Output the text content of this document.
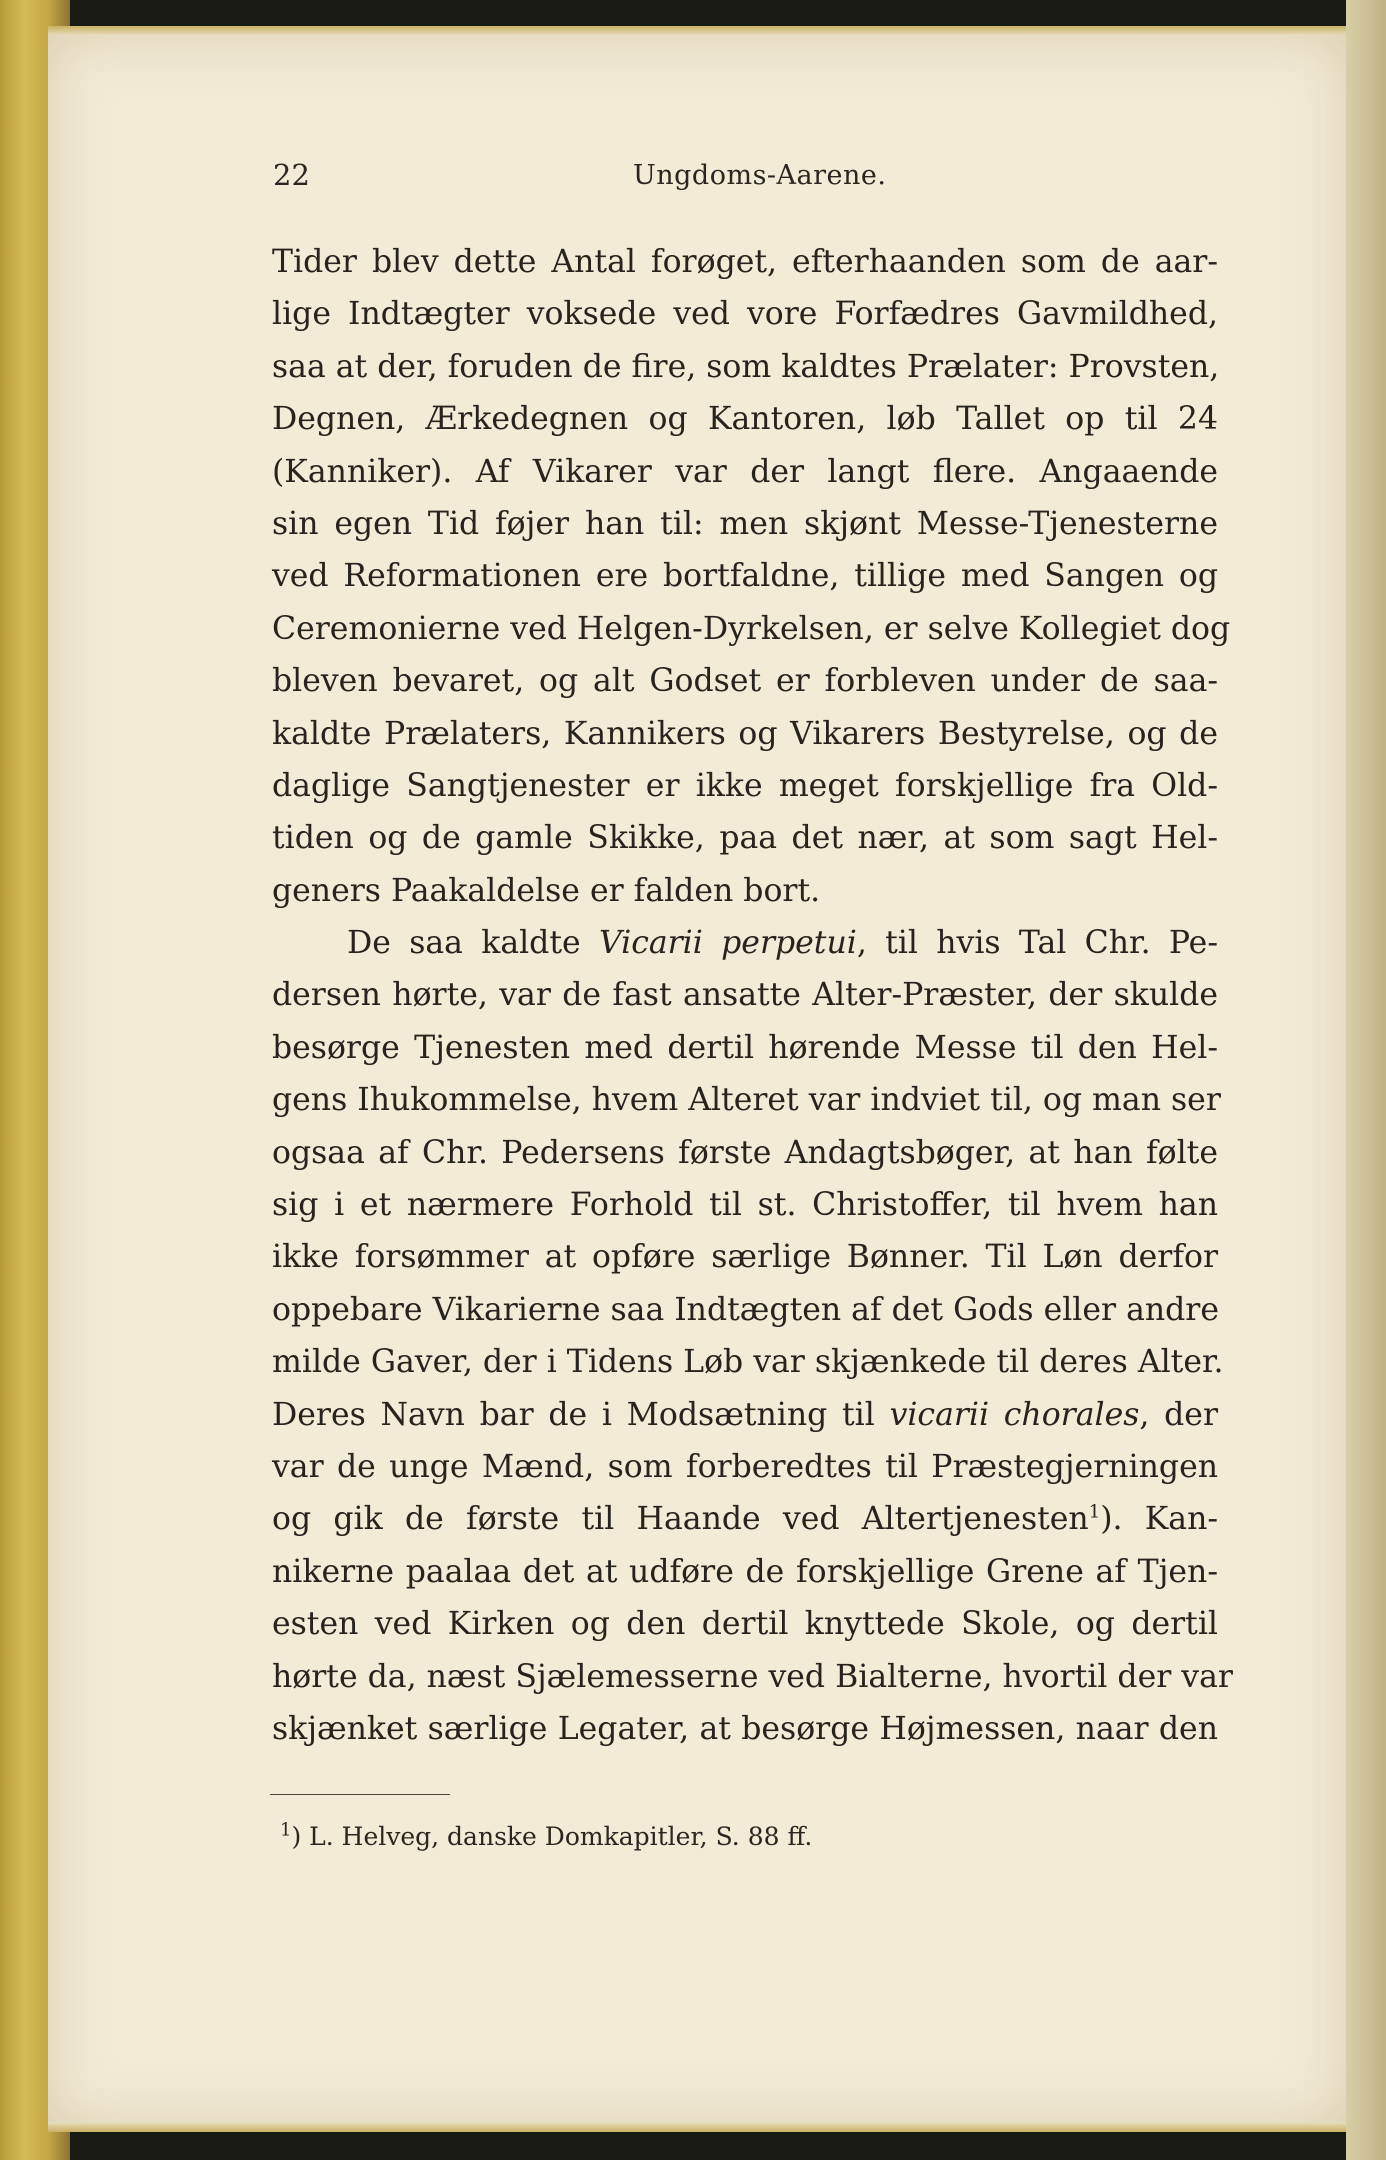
22	Ungdoms-Aarene.
Tider blev dette Antal forøget, efterhaanden som de aar-
lige Indtægter voksede ved vore Forfædres Gavmildhed,
saa at der, foruden de fire, som kaldtes Prælater: Provsten,
Degnen, Ærkedegnen og Kantoren, løb Tallet op til 24
(Kanniker). Af Vikarer var der langt flere. Angaaende
sin egen Tid føjer han til: men skjønt Messe-Tjenesterne
ved Reformationen ere bortfaldne, tillige med Sangen og
Ceremonierne ved Helgen-Dyrkelsen, er selve Kollegiet dog
bleven bevaret, og alt Godset er forbleven under de saa-
kaldte Prælaters, Kannikers og Vikarers Bestyrelse, og de
daglige Sangtjenester er ikke meget forskjellige fra Old-
tiden og de gamle Skikke, paa det nær, at som sagt Hel-
geners Paakaldelse er falden bort.
De saa kaldte Vicarii perpetui, til hvis Tal Chr. Pe-
dersen hørte, var de fast ansatte Alter-Præster, der skulde
besørge Tjenesten med dertil hørende Messe til den Hel-
gens Ihukommelse, hvem Alteret var indviet til, og man ser
ogsaa af Chr. Pedersens første Andagtsbøger, at han følte
sig i et nærmere Forhold til st. Christoffer, til hvem han
ikke forsømmer at opføre særlige Bønner. Til Løn derfor
oppebare Vikarierne saa Indtægten af det Gods eller andre
milde Gaver, der i Tidens Løb var skjænkede til deres Alter.
Deres Navn bar de i Modsætning til vicarii chorales, der
var de unge Mænd, som forberedtes til Præstegjerningen
og gik de første til Haande ved Altertjenesten$^1$). Kan-
nikerne paalaa det at udføre de forskjellige Grene af Tjen-
esten ved Kirken og den dertil knyttede Skole, og dertil
hørte da, næst Sjælemesserne ved Bialterne, hvortil der var
skjænket særlige Legater, at besørge Højmessen, naar den
$^1$) L. Helveg, danske Domkapitler, S. 88 ff.
